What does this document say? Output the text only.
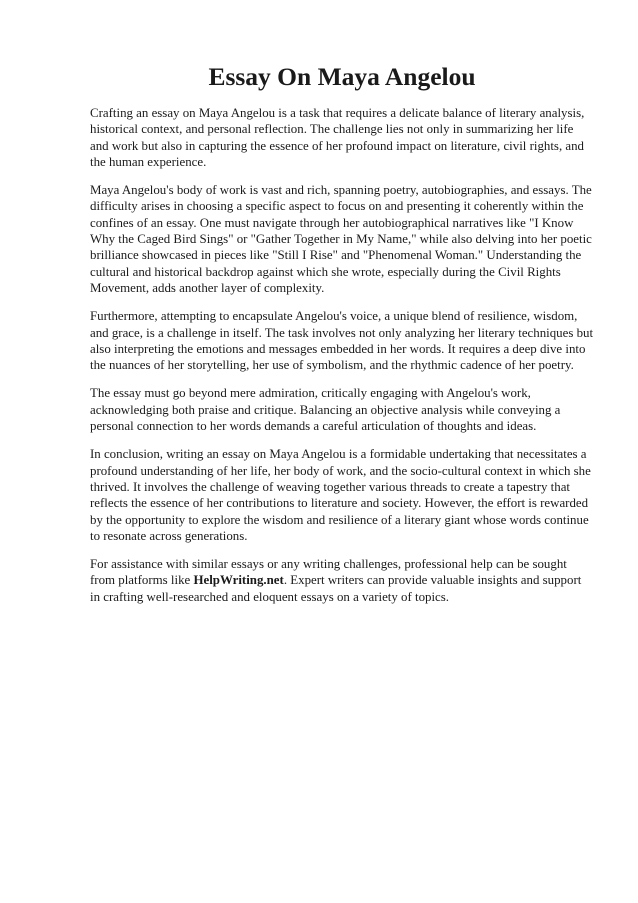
Essay On Maya Angelou

Crafting an essay on Maya Angelou is a task that requires a delicate balance of literary analysis, historical context, and personal reflection. The challenge lies not only in summarizing her life and work but also in capturing the essence of her profound impact on literature, civil rights, and the human experience.

Maya Angelou's body of work is vast and rich, spanning poetry, autobiographies, and essays. The difficulty arises in choosing a specific aspect to focus on and presenting it coherently within the confines of an essay. One must navigate through her autobiographical narratives like "I Know Why the Caged Bird Sings" or "Gather Together in My Name," while also delving into her poetic brilliance showcased in pieces like "Still I Rise" and "Phenomenal Woman." Understanding the cultural and historical backdrop against which she wrote, especially during the Civil Rights Movement, adds another layer of complexity.

Furthermore, attempting to encapsulate Angelou's voice, a unique blend of resilience, wisdom, and grace, is a challenge in itself. The task involves not only analyzing her literary techniques but also interpreting the emotions and messages embedded in her words. It requires a deep dive into the nuances of her storytelling, her use of symbolism, and the rhythmic cadence of her poetry.

The essay must go beyond mere admiration, critically engaging with Angelou's work, acknowledging both praise and critique. Balancing an objective analysis while conveying a personal connection to her words demands a careful articulation of thoughts and ideas.

In conclusion, writing an essay on Maya Angelou is a formidable undertaking that necessitates a profound understanding of her life, her body of work, and the socio-cultural context in which she thrived. It involves the challenge of weaving together various threads to create a tapestry that reflects the essence of her contributions to literature and society. However, the effort is rewarded by the opportunity to explore the wisdom and resilience of a literary giant whose words continue to resonate across generations.

For assistance with similar essays or any writing challenges, professional help can be sought from platforms like HelpWriting.net. Expert writers can provide valuable insights and support in crafting well-researched and eloquent essays on a variety of topics.
